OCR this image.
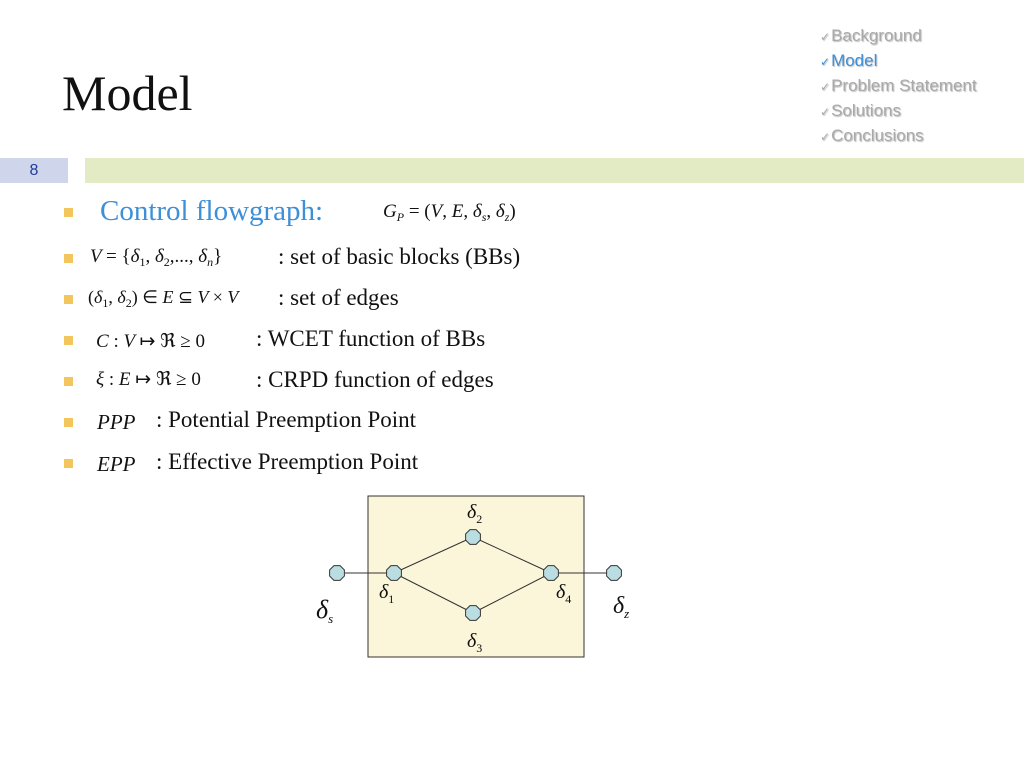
Model
✓Background
✓Model
✓Problem Statement
✓Solutions
✓Conclusions
8
Control flowgraph:	$G_P = (V$, E, $\delta_s$, $\delta_z$)
$V = \{\delta_1$, $\delta_2$,..., $\delta_n$} : set of basic blocks (BBs)
($\delta_1$, $\delta_2$) ∈ E ⊆ V × V : set of edges
C : V ↦ ℜ ≥ 0 : WCET function of BBs
ξ : E ↦ ℜ ≥ 0 : CRPD function of edges
PPP : Potential Preemption Point
EPP : Effective Preemption Point
δs
$\delta_1$
$\delta_2$
$\delta_3$
$\delta_4$ $\delta_z$
